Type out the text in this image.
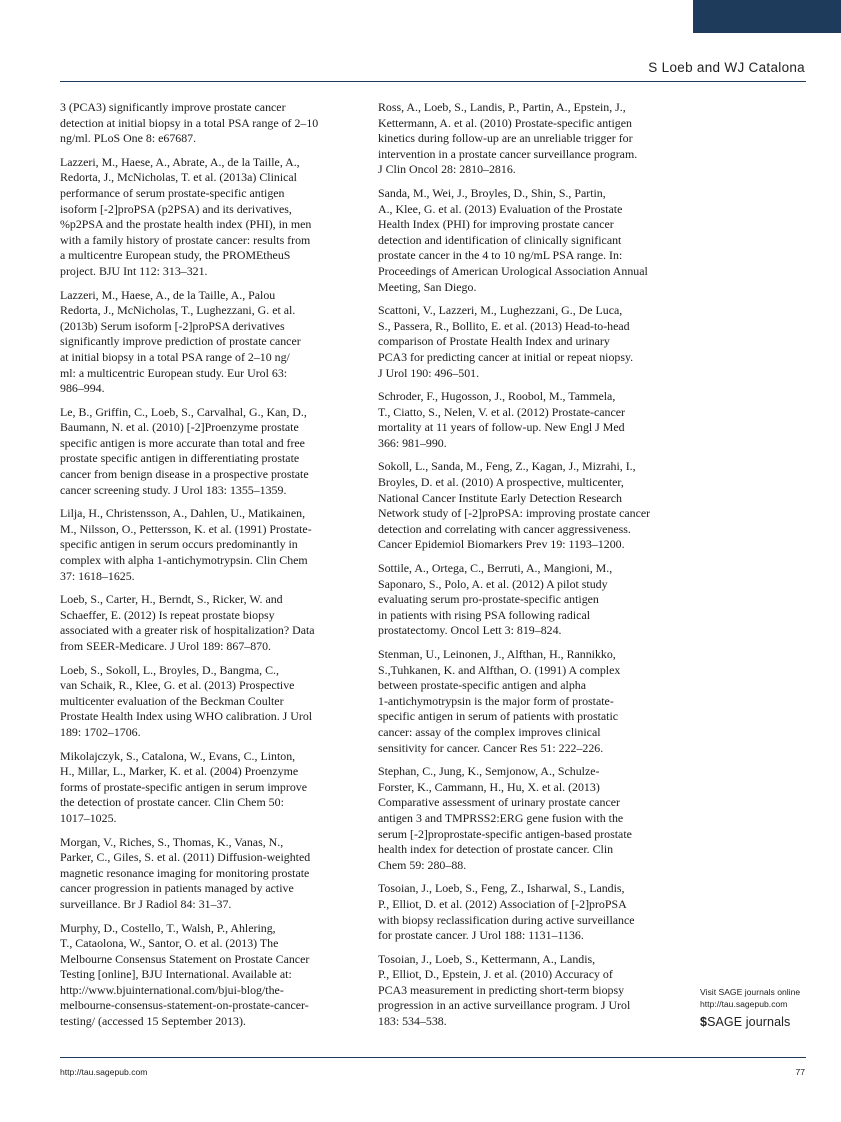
S Loeb and WJ Catalona

3 (PCA3) significantly improve prostate cancer
detection at initial biopsy in a total PSA range of 2–10
ng/ml. PLoS One 8: e67687.

Lazzeri, M., Haese, A., Abrate, A., de la Taille, A.,
Redorta, J., McNicholas, T. et al. (2013a) Clinical
performance of serum prostate-specific antigen
isoform [-2]proPSA (p2PSA) and its derivatives,
%p2PSA and the prostate health index (PHI), in men
with a family history of prostate cancer: results from
a multicentre European study, the PROMEtheuS
project. BJU Int 112: 313–321.

Lazzeri, M., Haese, A., de la Taille, A., Palou
Redorta, J., McNicholas, T., Lughezzani, G. et al.
(2013b) Serum isoform [-2]proPSA derivatives
significantly improve prediction of prostate cancer
at initial biopsy in a total PSA range of 2–10 ng/
ml: a multicentric European study. Eur Urol 63:
986–994.

Le, B., Griffin, C., Loeb, S., Carvalhal, G., Kan, D.,
Baumann, N. et al. (2010) [-2]Proenzyme prostate
specific antigen is more accurate than total and free
prostate specific antigen in differentiating prostate
cancer from benign disease in a prospective prostate
cancer screening study. J Urol 183: 1355–1359.

Lilja, H., Christensson, A., Dahlen, U., Matikainen,
M., Nilsson, O., Pettersson, K. et al. (1991) Prostate-
specific antigen in serum occurs predominantly in
complex with alpha 1-antichymotrypsin. Clin Chem
37: 1618–1625.

Loeb, S., Carter, H., Berndt, S., Ricker, W. and
Schaeffer, E. (2012) Is repeat prostate biopsy
associated with a greater risk of hospitalization? Data
from SEER-Medicare. J Urol 189: 867–870.

Loeb, S., Sokoll, L., Broyles, D., Bangma, C.,
van Schaik, R., Klee, G. et al. (2013) Prospective
multicenter evaluation of the Beckman Coulter
Prostate Health Index using WHO calibration. J Urol
189: 1702–1706.

Mikolajczyk, S., Catalona, W., Evans, C., Linton,
H., Millar, L., Marker, K. et al. (2004) Proenzyme
forms of prostate-specific antigen in serum improve
the detection of prostate cancer. Clin Chem 50:
1017–1025.

Morgan, V., Riches, S., Thomas, K., Vanas, N.,
Parker, C., Giles, S. et al. (2011) Diffusion-weighted
magnetic resonance imaging for monitoring prostate
cancer progression in patients managed by active
surveillance. Br J Radiol 84: 31–37.

Murphy, D., Costello, T., Walsh, P., Ahlering,
T., Cataolona, W., Santor, O. et al. (2013) The
Melbourne Consensus Statement on Prostate Cancer
Testing [online], BJU International. Available at:
http://www.bjuinternational.com/bjui-blog/the-
melbourne-consensus-statement-on-prostate-cancer-
testing/ (accessed 15 September 2013).

Ross, A., Loeb, S., Landis, P., Partin, A., Epstein, J.,
Kettermann, A. et al. (2010) Prostate-specific antigen
kinetics during follow-up are an unreliable trigger for
intervention in a prostate cancer surveillance program.
J Clin Oncol 28: 2810–2816.

Sanda, M., Wei, J., Broyles, D., Shin, S., Partin,
A., Klee, G. et al. (2013) Evaluation of the Prostate
Health Index (PHI) for improving prostate cancer
detection and identification of clinically significant
prostate cancer in the 4 to 10 ng/mL PSA range. In:
Proceedings of American Urological Association Annual
Meeting, San Diego.

Scattoni, V., Lazzeri, M., Lughezzani, G., De Luca,
S., Passera, R., Bollito, E. et al. (2013) Head-to-head
comparison of Prostate Health Index and urinary
PCA3 for predicting cancer at initial or repeat niopsy.
J Urol 190: 496–501.

Schroder, F., Hugosson, J., Roobol, M., Tammela,
T., Ciatto, S., Nelen, V. et al. (2012) Prostate-cancer
mortality at 11 years of follow-up. New Engl J Med
366: 981–990.

Sokoll, L., Sanda, M., Feng, Z., Kagan, J., Mizrahi, I.,
Broyles, D. et al. (2010) A prospective, multicenter,
National Cancer Institute Early Detection Research
Network study of [-2]proPSA: improving prostate cancer
detection and correlating with cancer aggressiveness.
Cancer Epidemiol Biomarkers Prev 19: 1193–1200.

Sottile, A., Ortega, C., Berruti, A., Mangioni, M.,
Saponaro, S., Polo, A. et al. (2012) A pilot study
evaluating serum pro-prostate-specific antigen
in patients with rising PSA following radical
prostatectomy. Oncol Lett 3: 819–824.

Stenman, U., Leinonen, J., Alfthan, H., Rannikko,
S.,Tuhkanen, K. and Alfthan, O. (1991) A complex
between prostate-specific antigen and alpha
1-antichymotrypsin is the major form of prostate-
specific antigen in serum of patients with prostatic
cancer: assay of the complex improves clinical
sensitivity for cancer. Cancer Res 51: 222–226.

Stephan, C., Jung, K., Semjonow, A., Schulze-
Forster, K., Cammann, H., Hu, X. et al. (2013)
Comparative assessment of urinary prostate cancer
antigen 3 and TMPRSS2:ERG gene fusion with the
serum [-2]proprostate-specific antigen-based prostate
health index for detection of prostate cancer. Clin
Chem 59: 280–88.

Tosoian, J., Loeb, S., Feng, Z., Isharwal, S., Landis,
P., Elliot, D. et al. (2012) Association of [-2]proPSA
with biopsy reclassification during active surveillance
for prostate cancer. J Urol 188: 1131–1136.

Tosoian, J., Loeb, S., Kettermann, A., Landis,
P., Elliot, D., Epstein, J. et al. (2010) Accuracy of
PCA3 measurement in predicting short-term biopsy
progression in an active surveillance program. J Urol
183: 534–538.

Visit SAGE journals online
http://tau.sagepub.com
$SAGE journals
http://tau.sagepub.com	77
